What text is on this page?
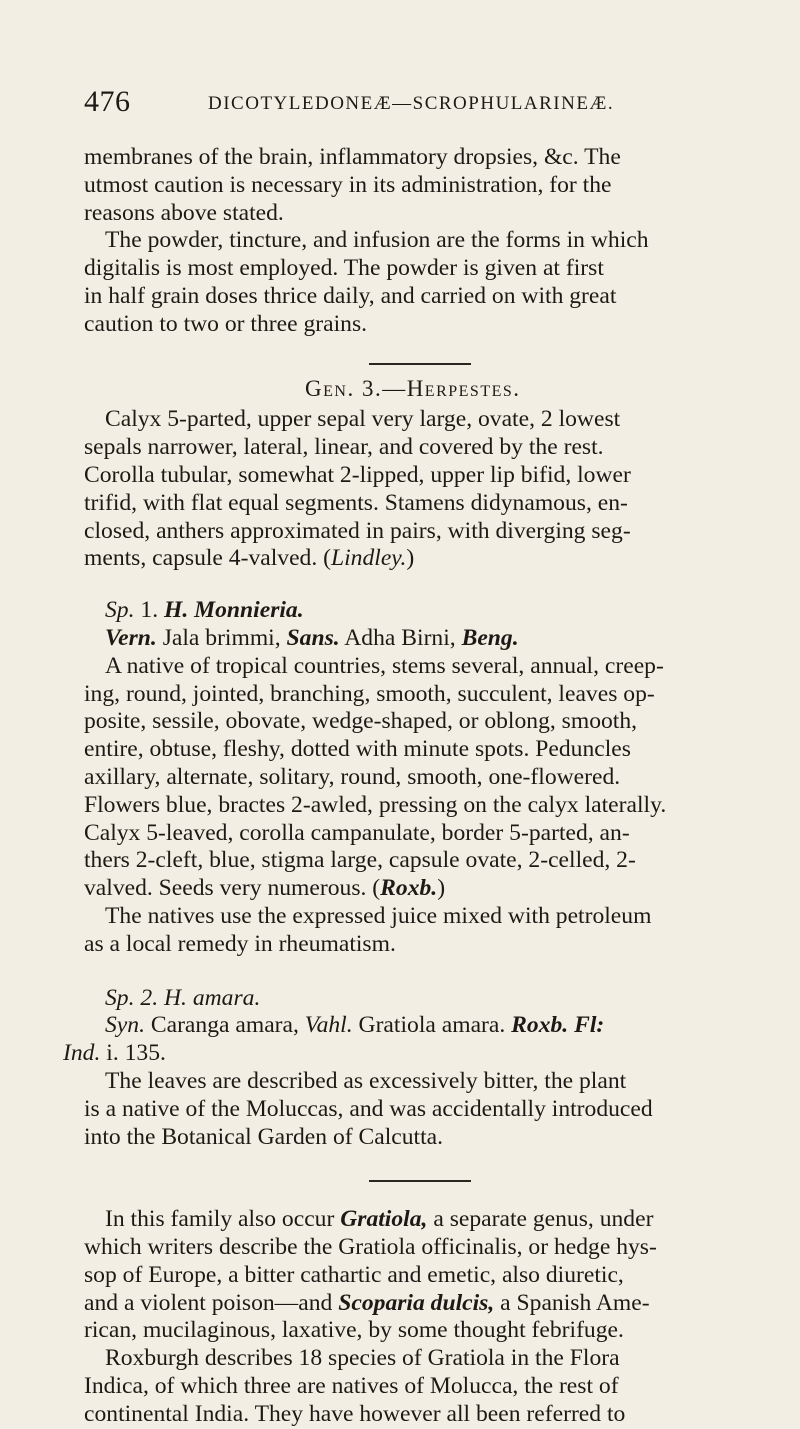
476	DICOTYLEDONEÆ—SCROPHULARINEÆ.

membranes of the brain, inflammatory dropsies, &c. The
utmost caution is necessary in its administration, for the
reasons above stated.

The powder, tincture, and infusion are the forms in which
digitalis is most employed. The powder is given at first
in half grain doses thrice daily, and carried on with great
caution to two or three grains.

Gen. 3.—Herpestes.

Calyx 5-parted, upper sepal very large, ovate, 2 lowest
sepals narrower, lateral, linear, and covered by the rest.
Corolla tubular, somewhat 2-lipped, upper lip bifid, lower
trifid, with flat equal segments. Stamens didynamous, en-
closed, anthers approximated in pairs, with diverging seg-
ments, capsule 4-valved. (Lindley.)

Sp. 1. H. Monnieria.

Vern. Jala brimmi, Sans. Adha Birni, Beng.

A native of tropical countries, stems several, annual, creep-
ing, round, jointed, branching, smooth, succulent, leaves op-
posite, sessile, obovate, wedge-shaped, or oblong, smooth,
entire, obtuse, fleshy, dotted with minute spots. Peduncles
axillary, alternate, solitary, round, smooth, one-flowered.
Flowers blue, bractes 2-awled, pressing on the calyx laterally.
Calyx 5-leaved, corolla campanulate, border 5-parted, an-
thers 2-cleft, blue, stigma large, capsule ovate, 2-celled, 2-
valved. Seeds very numerous. (Roxb.)

The natives use the expressed juice mixed with petroleum
as a local remedy in rheumatism.

Sp. 2. H. amara.

Syn. Caranga amara, Vahl. Gratiola amara. Roxb. Fl:
Ind. i. 135.

The leaves are described as excessively bitter, the plant
is a native of the Moluccas, and was accidentally introduced
into the Botanical Garden of Calcutta.

In this family also occur Gratiola, a separate genus, under
which writers describe the Gratiola officinalis, or hedge hys-
sop of Europe, a bitter cathartic and emetic, also diuretic,
and a violent poison—and Scoparia dulcis, a Spanish Ame-
rican, mucilaginous, laxative, by some thought febrifuge.

Roxburgh describes 18 species of Gratiola in the Flora
Indica, of which three are natives of Molucca, the rest of
continental India. They have however all been referred to
